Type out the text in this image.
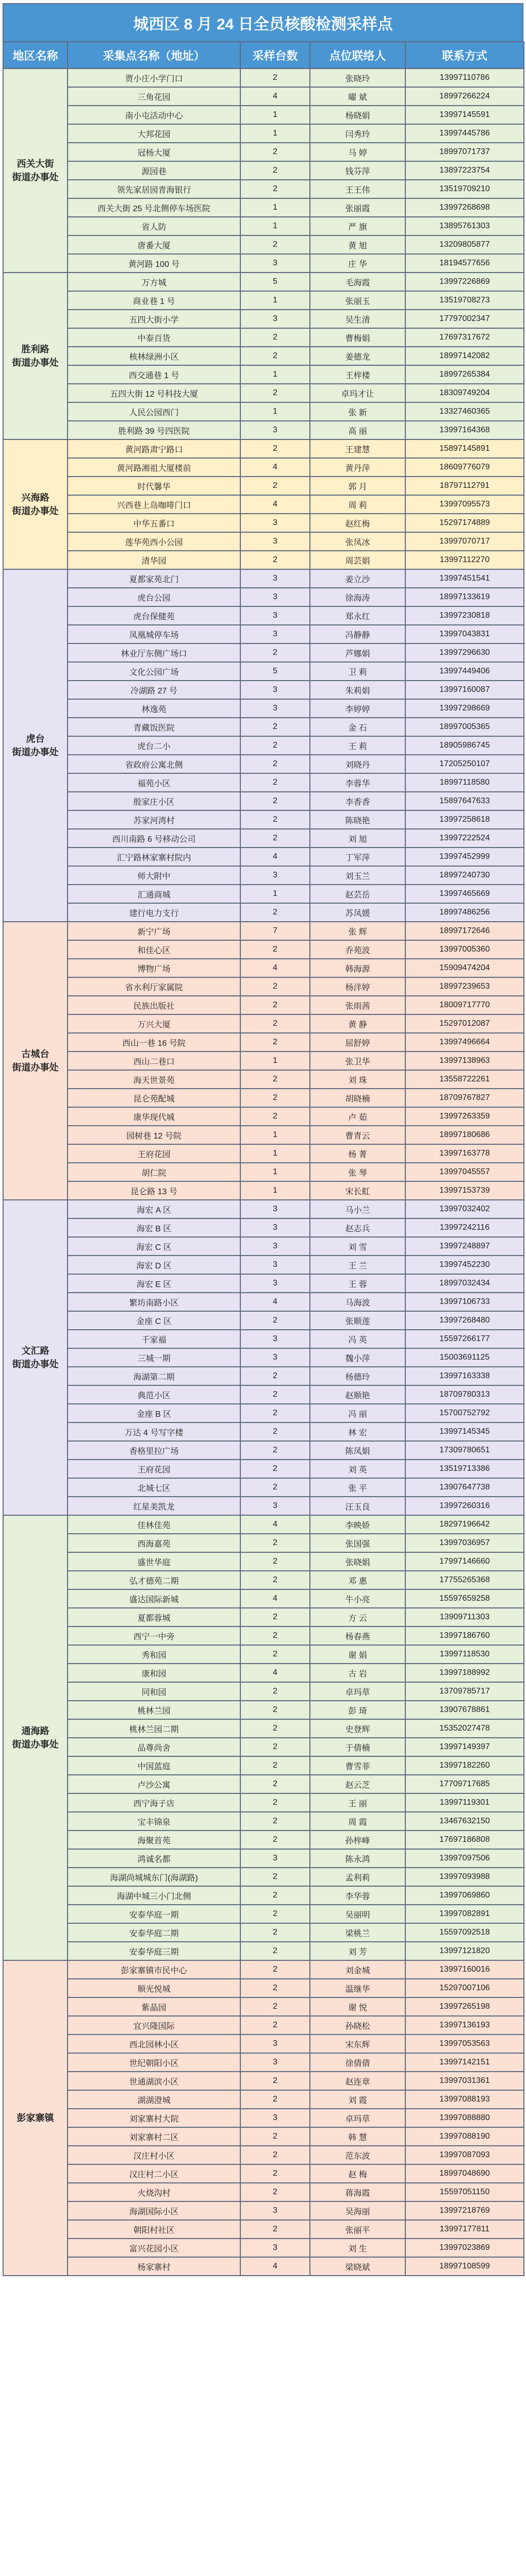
城西区 8 月 24 日全员核酸检测采样点
地区名称	采集点名称（地址）	采样台数	点位联络人	联系方式
西关大街
街道办事处	贾小庄小学门口	2	张晓玲	13997110786
	三角花园	4	曜 斌	18997266224
	南小屯活动中心	1	杨晓娟	13997145591
	大邦花园	1	闫秀玲	13997445786
	冠杨大厦	2	马 婷	18997071737
	源园巷	2	钱芬萍	13897223754
	领先家居园青海银行	2	王王伟	13519709210
	西关大街 25 号北侧停车场医院	1	张丽霞	13997268698
	省人防	1	严 旗	13895761303
	唐番大厦	2	黄 旭	13209805877
	黄河路 100 号	3	庄 华	18194577656
胜利路
街道办事处	万方城	5	毛海霞	13997226869
	商业巷 1 号	1	张丽玉	13519708273
	五四大街小学	3	吴生清	17797002347
	中泰百货	2	曹梅娟	17697317672
	核林绿洲小区	2	姜德龙	18997142082
	西交通巷 1 号	1	王梓楼	18997265384
	五四大街 12 号科技大厦	2	卓玛才让	18309749204
	人民公园西门	1	张 新	13327460365
	胜利路 39 号四医院	3	高 丽	13997164368
兴海路
街道办事处	黄河路肃宁路口	2	王建慧	15897145891
	黄河路湘祖大厦楼前	4	黄丹萍	18609776079
	时代馨华	2	郭 月	18797112791
	兴西巷上岛咖啡门口	4	周 莉	13997095573
	中华五番口	3	赵红梅	15297174889
	莲华苑西小公园	3	张凤冰	13997070717
	清华园	2	周芸娟	13997112270
虎台
街道办事处	夏都家苑北门	3	姜立沙	13997451541
	虎台公园	3	徐海涛	18997133619
	虎台保健苑	3	郑永红	13997230818
	凤凰城停车场	3	冯静静	13997043831
	林业厅东侧广场口	2	芦娜娟	13997296630
	文化公园广场	5	卫 莉	13997449406
	冷湖路 27 号	3	朱莉娟	13997160087
	林逸苑	3	李婷婷	13997298669
	青藏饭医院	2	金 石	18997005365
	虎台二小	2	王 莉	18905986745
	省政府公寓北侧	2	刘晓丹	17205250107
	福苑小区	2	李蓉华	18997118580
	殷家庄小区	2	李香香	15897647633
	苏家河湾村	2	陈晓艳	13997258618
	西川南路 6 号移动公司	2	刘 旭	13997222524
	汇宁路林家寨村院内	4	丁军萍	13997452999
	师大附中	3	刘玉兰	18997240730
	汇通商城	1	赵芸岳	13997465669
	建行电力支行	2	苏凤媛	18997486256
古城台
街道办事处	新宁广场	7	张 辉	18997172646
	和佳心区	2	乔苑波	13997005360
	博物广场	4	韩海源	15909474204
	省水利厅家属院	2	杨洋婷	18997239653
	民族出版社	2	张雨茜	18009717770
	万兴大厦	2	黄 静	15297012087
	西山一巷 16 号院	2	屈舒婷	13997496664
	西山二巷口	1	张卫华	13997138963
	海天世景苑	2	刘 珠	13558722261
	昆仑苑配城	2	胡晓楠	18709767827
	康华现代城	2	卢 茹	13997263359
	园树巷 12 号院	1	曹青云	18997180686
	王府花园	1	杨 菁	13997163778
	胡仁院	1	张 琴	13997045557
	昆仑路 13 号	1	宋长虹	13997153739
文汇路
街道办事处	海宏 A 区	3	马小兰	13997032402
	海宏 B 区	3	赵志兵	13997242116
	海宏 C 区	3	刘 雪	13997248897
	海宏 D 区	3	王 兰	13997452230
	海宏 E 区	3	王 蓉	18997032434
	繁坊南路小区	4	马海波	13997106733
	金座 C 区	2	张顺莲	13997268480
	千家福	3	冯 英	15597266177
	三城一期	3	魏小萍	15003691125
	海湖第二期	2	杨德玲	13997163338
	典范小区	2	赵顺艳	18709780313
	金座 B 区	2	冯 丽	15700752792
	万达 4 号写字楼	2	林 宏	13997145345
	香格里拉广场	2	陈凤娟	17309780651
	王府花园	2	刘 英	13519713386
	北城七区	2	张 平	13907647738
	红星美凯龙	3	汪玉良	13997260316
通海路
街道办事处	佳林佳苑	4	李映娇	18297196642
	西海嘉苑	2	张国强	13997036957
	盛世华庭	2	张晓娟	17997146660
	弘才德苑二期	2	邓 惠	17755265368
	盛达国际新城	4	牛小亮	15597659258
	夏都蓉城	2	方 云	13909711303
	西宁一中旁	2	杨春燕	13997186760
	秀和园	2	谢 娟	13997118530
	康和园	4	古 岩	13997188992
	同和园	2	卓玛草	13709785717
	桃林兰园	2	彭 琦	13907678861
	桃林兰园二期	2	史登辉	15352027478
	品尊尚舍	2	于倩楠	13997149397
	中国蓝庭	2	曹雪菲	13997182260
	卢沙公寓	2	赵云芝	17709717685
	西宁海子店	2	王 丽	13997119301
	宝丰锦泉	2	周 霞	13467632150
	海聚首苑	2	孙梓峰	17697186808
	鸿诚名都	3	陈永鸿	13997097506
	海湖尚城城东门(海湖路)	2	孟利莉	13997093988
	海湖中城三小门北侧	2	李华蓉	13997069860
	安泰华庭一期	2	吴丽明	13997082891
	安泰华庭二期	2	梁桃兰	15597092518
	安泰华庭三期	2	刘 芳	13997121820
彭家寨镇	彭家寨镇市民中心	2	刘金城	13997160016
	顺光悦城	2	温继华	15297007106
	紫晶园	2	谢 悦	13997265198
	宜兴隆国际	2	孙晓松	13997136193
	西北园林小区	3	宋东辉	13997053563
	世纪朝阳小区	3	徐倩倩	13997142151
	世通湖滨小区	2	赵连章	13997031361
	湖湖澄城	2	刘 霞	13997088193
	刘家寨村大院	3	卓玛草	13997088880
	刘家寨村二区	2	韩 慧	13997088190
	汉庄村小区	2	范东波	13997087093
	汉庄村二小区	2	赵 梅	18997048690
	火烧沟村	2	蒋海霞	15597051150
	海湖国际小区	3	吴海丽	13997218769
	朝阳村社区	2	张丽平	13997177811
	富兴花园小区	3	刘 生	13997023869
	杨家寨村	4	梁晓斌	18997108599
